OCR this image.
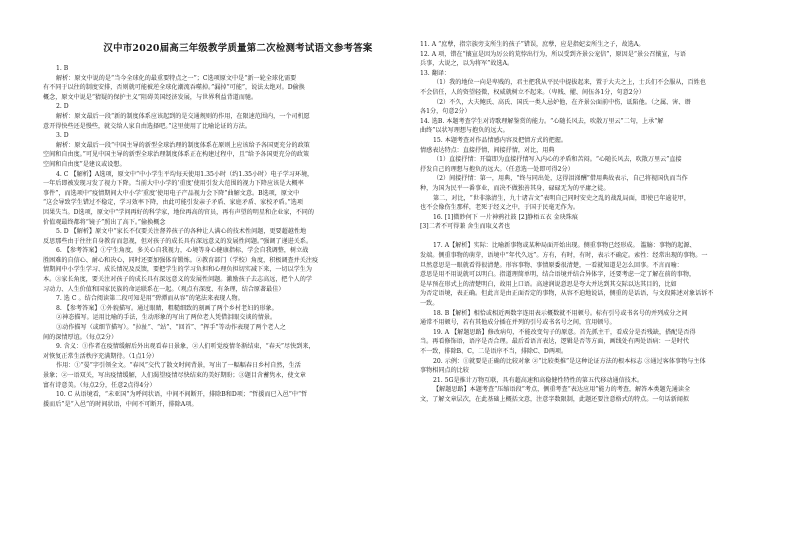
汉中市2020届高三年级教学质量第二次检测考试语文参考答案
1. B
解析：原文中说的是“当今全球化的最重要特点之一”；C选项原文中是“新一轮全球化需要
有不同于以往的制度安排，否则就可能被逆全球化潮流吞噬掉。”漏掉“可能”，说法太绝对。D偷换
概念，原文中说是“猜疑的保护主义”阻碍美国经济发展，与世界利益背道而驰。
2. D
解析：原文最后一段“新的制度体系应该起到的是交通规则的作用，在限速范围内，一个司机愿
意开得快些还是慢些，就交给人家自由选择吧。”这里使用了比喻论证的方法。
3. D
解析：原文最后一段“中国主导的新型全球治理的制度体系在原则上应该给予各国更充分的政策
空间和自由度。”可见中国主导的新型全球治理制度体系正在构建过程中，且“给予各国更充分的政策
空间和自由度”是建议或设想。
4. C 【解析】A选项，原文中“中小学生平均每天使用1.35小时（约1.35小时）电子学习环境，
一年后即被发现习发了视力下降。当前大中小学的‘重度’使用引发大范围的视力下降应该是大概率
事件”，而选项中“疫情期间大中小学‘重度’使用电子产品视力会下降”曲解文意。B选项，原文中
“这会导致学生错过不稳定，学习效率下降，由此可能引发亲子矛盾、家庭矛盾、家校矛盾。”选项
因果失当。D选项，原文中“学问再好的科学家，地位再高的官员，再有声望的明星和企业家，不同的
价值观最终都将“镜子”照出了高下。”偷换概念
5. D 【解析】原文中“家长不仅要关注督养孩子的各种让人满心的技术性问题，更要超越性地
反思那些由于往往自身教育而忽视，但对孩子的成长具有深远意义的发展性问题。”强调了递进关系。
6. 【参考答案】①宁生角度，多关心自我视力，心境等身心健康指标，学会自我调整，树立战
胜困难的自信心、耐心和决心，同时还要加强体育锻炼。②教育部门（学校）角度，积极调查并关注疫
情期间中小学生学习、成长情况及反馈，要把学生的学习负担和心理负担切实减下来，一切以学生为
本。③家长角度，要关注对孩子的成长具有深远意义的发展性问题。激励孩子去志高远，把个人的学
习动力、人生价值和国家民族的命运联系在一起。（观点有深度、有条理，结合原著最佳）
7. 选 C 。结合阅读第二段可知是用“碧潭而从容”的笔法来表现人物。
8. 【参考答案】①外貌描写。通过眼睛，粗糙细致的刻画了两个乡村老妇的形象。
②神态描写。运用比喻的手法，生动形象的写出了两位老人凭借泪眼交谈的情景。
③动作描写（或细节描写）。“拉扯”、“站”、“回首”、“挥手”等动作表现了两个老人之
间的深情厚谊。（每点2分）
9. 含义：①作者在疫情缓解后外出观看春日景象，②人们听觉疫情冬渐结束，“春天”尽快到来，
对恢复正常生活秩序充满期待。（1点1分）
作用：①“晏”字引领全文。“春风”交代了散文时间背景，写出了一幅幅春日乡村自然，生活
景象；②一语双关，写出疫情缓解，人们渴望疫情尽快结束的美好期盼；③题目含蓄隽永，使文章
富有诗意美。（每点2分，任意2点得4分）
10. C 从语境看，“未亚国”为呼问状语，中间不间断开，排除B和D项；“哲援而已入邑”中“哲
援而后”是“入邑”的时间状语，中间不可断开，排除A项。
11. A “庶孽，指宗族旁支所生的孩子”错误，庶孽，应是指妃妾所生之子，故选A。
12. A 项，错在“攘宣是因为厉公的荒悖出行为，所以受到齐景公宠信”，原因是“景公召攘宣，与语
兵事，大说之，以为将军”故选A。
13. 翻译：
（1）我的地位一向是卑贱的，君主把我从平民中提拔起来，置于大夫之上，士兵们不会服从，百姓也
不会信任，人的资望轻微，权威就树立不起来。（卑贱、擢、间伍各1分，句意2分）
（2）不久，大夫鲍氏、高氏、国氏一类人忌妒他，在齐景公面前中伤，诋陷他。（之属、害、谮
各1分，句意2分）
14. 选B. 本题考查学生对诗歌理解鉴赏的能力。“心随长风去，吹散万里云”二句，上承“解
曲终”以状写理想与抱负的远大。
15. 本题考查对作品情感内容及把情方式的把握。
情感表达特点：直接抒情，间接抒情，对比，用典
（1）直接抒情：开篇即为直接抒情写入内心的矛盾和苦闷。“心随长风去，吹散万里云”直接
抒发自己的理想与抱负的远大。（任意选一处即可得2分）
（2）间接抒情：第一，用典，“终与同出处，这得泪涕酬”借用典故表示，自己将视国仇而当作
种，为国为民平一番事业，而决不做独善其身，碌碌无为的平庸之徒。
第二，对比，“世非涤清生，九十诸吉文”表明自己同时安史之乱的战乱局面，即使已年逾花甲，
也不会像伤生那样，老死于经义之中，于国于民毫无作为。
16. [1]微眇何下 一片神鸦社鼓 [2]静梧五衣 金玦珠痕
[3]二者不可得兼 舍生而取义者也

17. A【解析】实际：比喻新事物或某种局面开始出现。侧重事物已经形成。 滥觞：事物的起源、
发端。侧重事物的萌芽，语境中“年代久远”。方有，有时，有时，表示不确定。索性：经常出现的事物。一
旦然意思是一眼就看得很清楚。形容事物、事情原委很清楚，一看就知道是怎么回事。不言而喻：
意思是用不用说就可以明白。指道理简单明，结合语境并结合异体字，还要考虑一定了解在前的事物，
是早预在形式上的清楚明白，故用上口语。高速润说意思是夸大并达到其交际以达其目的，比如
为否定语境，表正确。但此言是由正面否定的事物，从容不迫地说话，侧重的是话语，与文段陈述对象话诉不
一致。
18. B【解析】相恰或相近两数字连用表示概数就不用顿号。标有引号或书名号的并列成分之间
通常不用顿号，若有其他成分插在并列的引号或书名号之间，宜用顿号。
19. A 【解题思路】修改病句，不能改变句子的原意。首先抓主干，看成分是否残缺，搭配是否得
当。再看修饰语，语序是否合理。最后看语言表达，逻辑是否等方面，画线处有两处语病：一是时代
不一致，排除B、C，二是语序不当，排除C、D两项。
20. 示例：①就要是正确的比较对象 ②“比较类推”是这种论证方法的根本标志 ③通过客体事物与主体
事物相同点的比较
21. 5G是推计万物互联，具有超高速和高稳健性特性的第五代移动通信技术。
【解题思路】本题考查“压缩语段”考点，侧重考查“表达应用”能力的考查，解答本类题先通读全
文，了解文章层次，在此基础上概括文意，注意字数限制，此题还要注意格式的特点。一句话新闻拟
